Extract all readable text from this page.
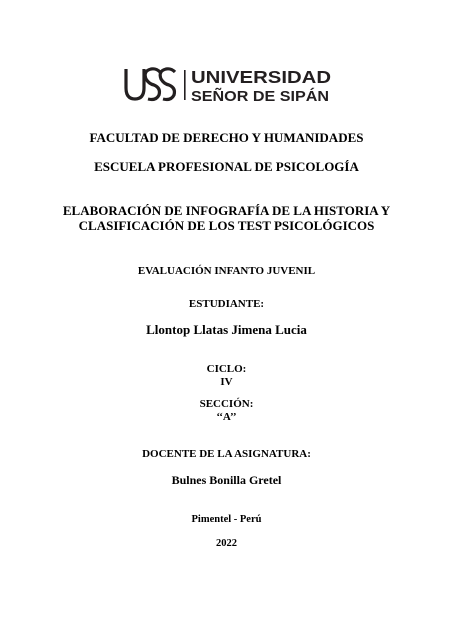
UNIVERSIDAD
SEÑOR DE SIPÁN
FACULTAD DE DERECHO Y HUMANIDADES
ESCUELA PROFESIONAL DE PSICOLOGÍA
ELABORACIÓN DE INFOGRAFÍA DE LA HISTORIA Y
CLASIFICACIÓN DE LOS TEST PSICOLÓGICOS
EVALUACIÓN INFANTO JUVENIL
ESTUDIANTE:
Llontop Llatas Jimena Lucia
CICLO:
IV
SECCIÓN:
‘‘A’’
DOCENTE DE LA ASIGNATURA:
Bulnes Bonilla Gretel
Pimentel - Perú
2022
